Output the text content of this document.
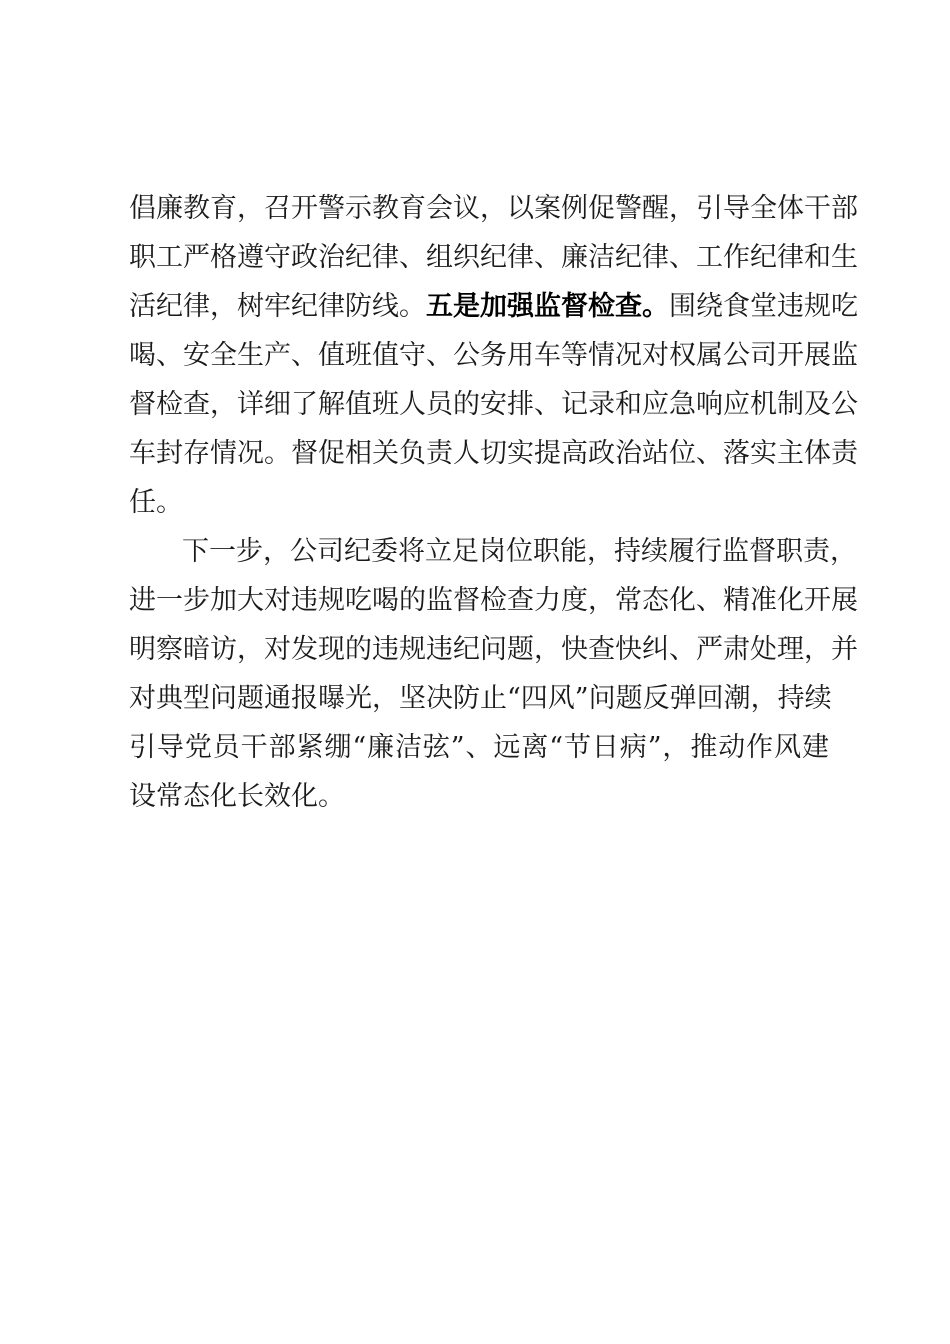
倡廉教育，召开警示教育会议，以案例促警醒，引导全体干部
职工严格遵守政治纪律、组织纪律、廉洁纪律、工作纪律和生
活纪律，树牢纪律防线。五是加强监督检查。围绕食堂违规吃
喝、安全生产、值班值守、公务用车等情况对权属公司开展监
督检查，详细了解值班人员的安排、记录和应急响应机制及公
车封存情况。督促相关负责人切实提高政治站位、落实主体责
任。
下一步，公司纪委将立足岗位职能，持续履行监督职责，
进一步加大对违规吃喝的监督检查力度，常态化、精准化开展
明察暗访，对发现的违规违纪问题，快查快纠、严肃处理，并
对典型问题通报曝光，坚决防止“四风”问题反弹回潮，持续
引导党员干部紧绷“廉洁弦”、远离“节日病”，推动作风建
设常态化长效化。
